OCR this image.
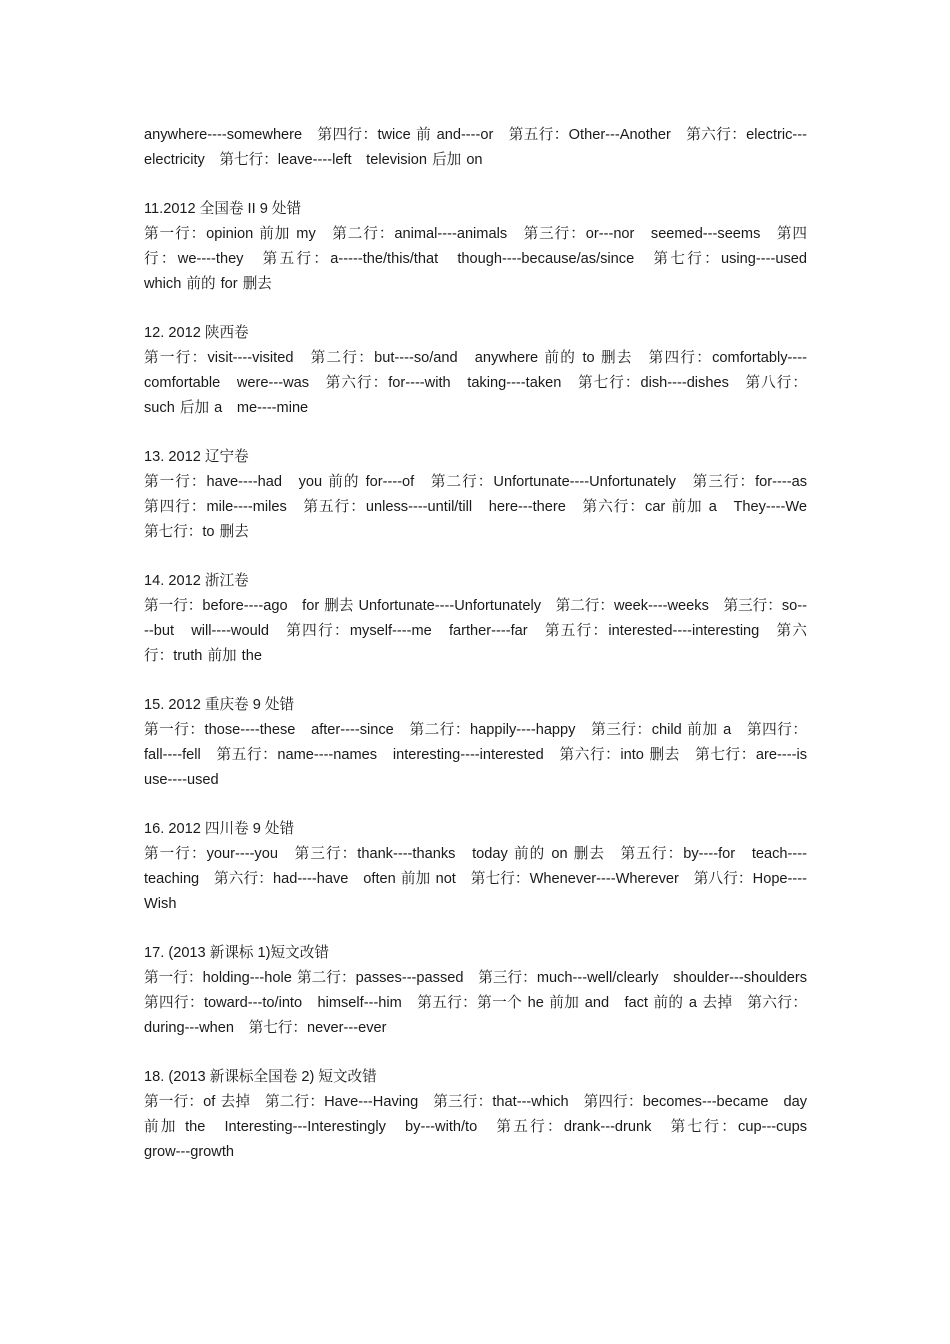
anywhere----somewhere　第四行：twice 前 and----or　第五行：Other---Another　第六行：electric---electricity　第七行：leave----left　television 后加 on

11.2012 全国卷 II 9 处错

第一行：opinion 前加 my　第二行：animal----animals　第三行：or---nor　seemed---seems　第四行：we----they　第五行：a-----the/this/that　though----because/as/since　第七行：using----used　which 前的 for 删去

12. 2012 陕西卷

第一行：visit----visited　第二行：but----so/and　anywhere 前的 to 删去　第四行：comfortably----comfortable　were---was　第六行：for----with　taking----taken　第七行：dish----dishes　第八行：such 后加 a　me----mine

13. 2012 辽宁卷

第一行：have----had　you 前的 for----of　第二行：Unfortunate----Unfortunately　第三行：for----as　第四行：mile----miles　第五行：unless----until/till　here---there　第六行：car 前加 a　They----We　第七行：to 删去

14. 2012 浙江卷

第一行：before----ago　for 删去 Unfortunate----Unfortunately　第二行：week----weeks　第三行：so----but　will----would　第四行：myself----me　farther----far　第五行：interested----interesting　第六行：truth 前加 the

15. 2012 重庆卷 9 处错

第一行：those----these　after----since　第二行：happily----happy　第三行：child 前加 a　第四行：fall----fell　第五行：name----names　interesting----interested　第六行：into 删去　第七行：are----is　use----used

16. 2012 四川卷 9 处错

第一行：your----you　第三行：thank----thanks　today 前的 on 删去　第五行：by----for　teach----teaching　第六行：had----have　often 前加 not　第七行：Whenever----Wherever　第八行：Hope----Wish

17. (2013 新课标 1)短文改错

第一行：holding---hole 第二行：passes---passed　第三行：much---well/clearly　shoulder---shoulders　第四行：toward---to/into　himself---him　第五行：第一个 he 前加 and　fact 前的 a 去掉　第六行：during---when　第七行：never---ever

18. (2013 新课标全国卷 2) 短文改错

第一行：of 去掉　第二行：Have---Having　第三行：that---which　第四行：becomes---became　day 前加 the　Interesting---Interestingly　by---with/to　第五行：drank---drunk　第七行：cup---cups　grow---growth
